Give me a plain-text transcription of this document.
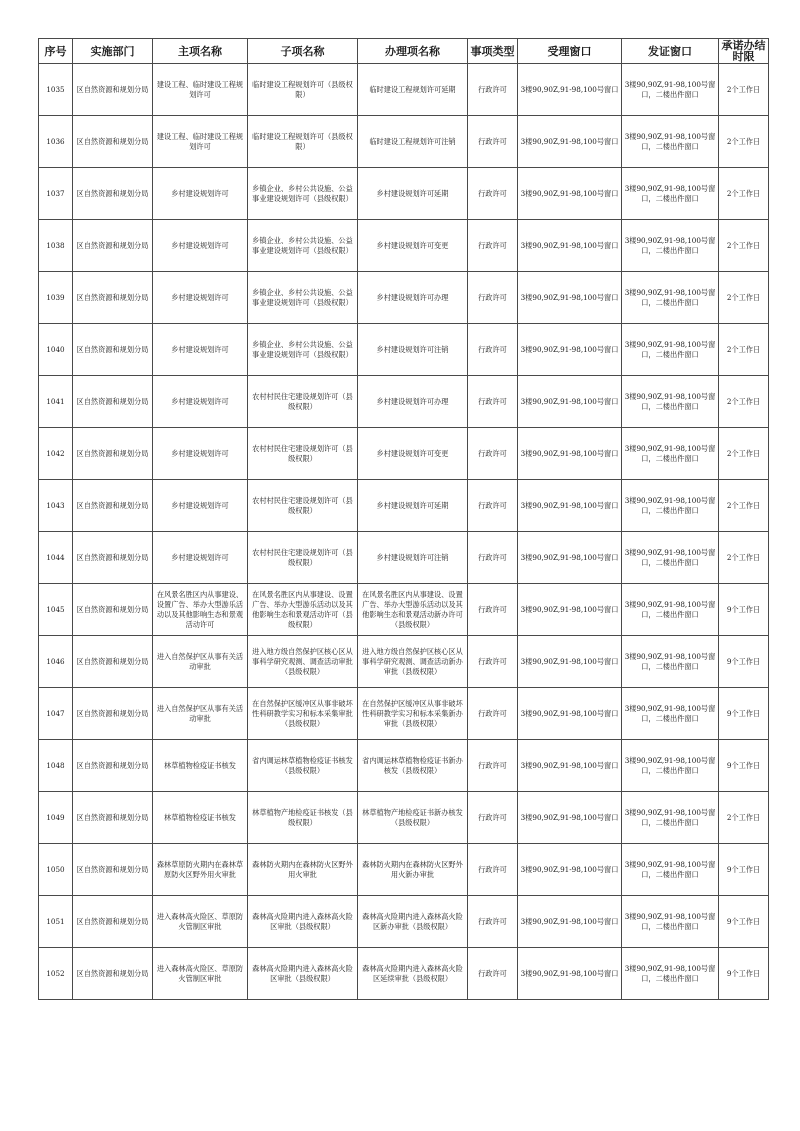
序号	实施部门	主项名称	子项名称	办理项名称	事项类型	受理窗口	发证窗口	承诺办结时限
1035	区自然资源和规划分局	建设工程、临时建设工程规划许可	临时建设工程规划许可（县级权限）	临时建设工程规划许可延期	行政许可	3楼90,90Z,91-98,100号窗口	3楼90,90Z,91-98,100号窗口，二楼出件窗口	2个工作日
1036	区自然资源和规划分局	建设工程、临时建设工程规划许可	临时建设工程规划许可（县级权限）	临时建设工程规划许可注销	行政许可	3楼90,90Z,91-98,100号窗口	3楼90,90Z,91-98,100号窗口，二楼出件窗口	2个工作日
1037	区自然资源和规划分局	乡村建设规划许可	乡镇企业、乡村公共设施、公益事业建设规划许可（县级权限）	乡村建设规划许可延期	行政许可	3楼90,90Z,91-98,100号窗口	3楼90,90Z,91-98,100号窗口，二楼出件窗口	2个工作日
1038	区自然资源和规划分局	乡村建设规划许可	乡镇企业、乡村公共设施、公益事业建设规划许可（县级权限）	乡村建设规划许可变更	行政许可	3楼90,90Z,91-98,100号窗口	3楼90,90Z,91-98,100号窗口，二楼出件窗口	2个工作日
1039	区自然资源和规划分局	乡村建设规划许可	乡镇企业、乡村公共设施、公益事业建设规划许可（县级权限）	乡村建设规划许可办理	行政许可	3楼90,90Z,91-98,100号窗口	3楼90,90Z,91-98,100号窗口，二楼出件窗口	2个工作日
1040	区自然资源和规划分局	乡村建设规划许可	乡镇企业、乡村公共设施、公益事业建设规划许可（县级权限）	乡村建设规划许可注销	行政许可	3楼90,90Z,91-98,100号窗口	3楼90,90Z,91-98,100号窗口，二楼出件窗口	2个工作日
1041	区自然资源和规划分局	乡村建设规划许可	农村村民住宅建设规划许可（县级权限）	乡村建设规划许可办理	行政许可	3楼90,90Z,91-98,100号窗口	3楼90,90Z,91-98,100号窗口，二楼出件窗口	2个工作日
1042	区自然资源和规划分局	乡村建设规划许可	农村村民住宅建设规划许可（县级权限）	乡村建设规划许可变更	行政许可	3楼90,90Z,91-98,100号窗口	3楼90,90Z,91-98,100号窗口，二楼出件窗口	2个工作日
1043	区自然资源和规划分局	乡村建设规划许可	农村村民住宅建设规划许可（县级权限）	乡村建设规划许可延期	行政许可	3楼90,90Z,91-98,100号窗口	3楼90,90Z,91-98,100号窗口，二楼出件窗口	2个工作日
1044	区自然资源和规划分局	乡村建设规划许可	农村村民住宅建设规划许可（县级权限）	乡村建设规划许可注销	行政许可	3楼90,90Z,91-98,100号窗口	3楼90,90Z,91-98,100号窗口，二楼出件窗口	2个工作日
1045	区自然资源和规划分局	在风景名胜区内从事建设、设置广告、举办大型游乐活动以及其他影响生态和景观活动许可	在风景名胜区内从事建设、设置广告、举办大型游乐活动以及其他影响生态和景观活动许可（县级权限）	在风景名胜区内从事建设、设置广告、举办大型游乐活动以及其他影响生态和景观活动新办许可（县级权限）	行政许可	3楼90,90Z,91-98,100号窗口	3楼90,90Z,91-98,100号窗口，二楼出件窗口	9个工作日
1046	区自然资源和规划分局	进入自然保护区从事有关活动审批	进入地方级自然保护区核心区从事科学研究观测、调查活动审批（县级权限）	进入地方级自然保护区核心区从事科学研究观测、调查活动新办审批（县级权限）	行政许可	3楼90,90Z,91-98,100号窗口	3楼90,90Z,91-98,100号窗口，二楼出件窗口	9个工作日
1047	区自然资源和规划分局	进入自然保护区从事有关活动审批	在自然保护区缓冲区从事非破坏性科研教学实习和标本采集审批（县级权限）	在自然保护区缓冲区从事非破坏性科研教学实习和标本采集新办审批（县级权限）	行政许可	3楼90,90Z,91-98,100号窗口	3楼90,90Z,91-98,100号窗口，二楼出件窗口	9个工作日
1048	区自然资源和规划分局	林草植物检疫证书核发	省内调运林草植物检疫证书核发（县级权限）	省内调运林草植物检疫证书新办核发（县级权限）	行政许可	3楼90,90Z,91-98,100号窗口	3楼90,90Z,91-98,100号窗口，二楼出件窗口	9个工作日
1049	区自然资源和规划分局	林草植物检疫证书核发	林草植物产地检疫证书核发（县级权限）	林草植物产地检疫证书新办核发（县级权限）	行政许可	3楼90,90Z,91-98,100号窗口	3楼90,90Z,91-98,100号窗口，二楼出件窗口	2个工作日
1050	区自然资源和规划分局	森林草原防火期内在森林草原防火区野外用火审批	森林防火期内在森林防火区野外用火审批	森林防火期内在森林防火区野外用火新办审批	行政许可	3楼90,90Z,91-98,100号窗口	3楼90,90Z,91-98,100号窗口，二楼出件窗口	9个工作日
1051	区自然资源和规划分局	进入森林高火险区、草原防火管制区审批	森林高火险期内进入森林高火险区审批（县级权限）	森林高火险期内进入森林高火险区新办审批（县级权限）	行政许可	3楼90,90Z,91-98,100号窗口	3楼90,90Z,91-98,100号窗口，二楼出件窗口	9个工作日
1052	区自然资源和规划分局	进入森林高火险区、草原防火管制区审批	森林高火险期内进入森林高火险区审批（县级权限）	森林高火险期内进入森林高火险区延续审批（县级权限）	行政许可	3楼90,90Z,91-98,100号窗口	3楼90,90Z,91-98,100号窗口，二楼出件窗口	9个工作日
